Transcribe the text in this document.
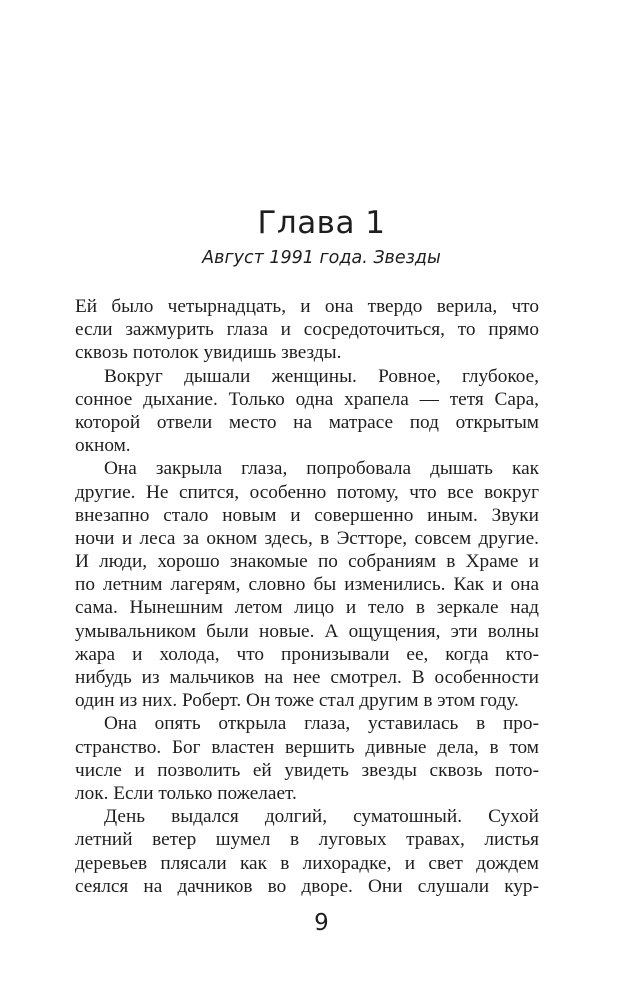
Глава 1
Август 1991 года. Звезды

Ей было четырнадцать, и она твердо верила, что
если зажмурить глаза и сосредоточиться, то прямо
сквозь потолок увидишь звезды.

Вокруг дышали женщины. Ровное, глубокое,
сонное дыхание. Только одна храпела — тетя Сара,
которой отвели место на матрасе под открытым
окном.

Она закрыла глаза, попробовала дышать как
другие. Не спится, особенно потому, что все вокруг
внезапно стало новым и совершенно иным. Звуки
ночи и леса за окном здесь, в Эстторе, совсем другие.
И люди, хорошо знакомые по собраниям в Храме и
по летним лагерям, словно бы изменились. Как и она
сама. Нынешним летом лицо и тело в зеркале над
умывальником были новые. А ощущения, эти волны
жара и холода, что пронизывали ее, когда кто-
нибудь из мальчиков на нее смотрел. В особенности
один из них. Роберт. Он тоже стал другим в этом году.

Она опять открыла глаза, уставилась в про-
странство. Бог властен вершить дивные дела, в том
числе и позволить ей увидеть звезды сквозь пото-
лок. Если только пожелает.

День выдался долгий, суматошный. Сухой
летний ветер шумел в луговых травах, листья
деревьев плясали как в лихорадке, и свет дождем
сеялся на дачников во дворе. Они слушали кур-

9
